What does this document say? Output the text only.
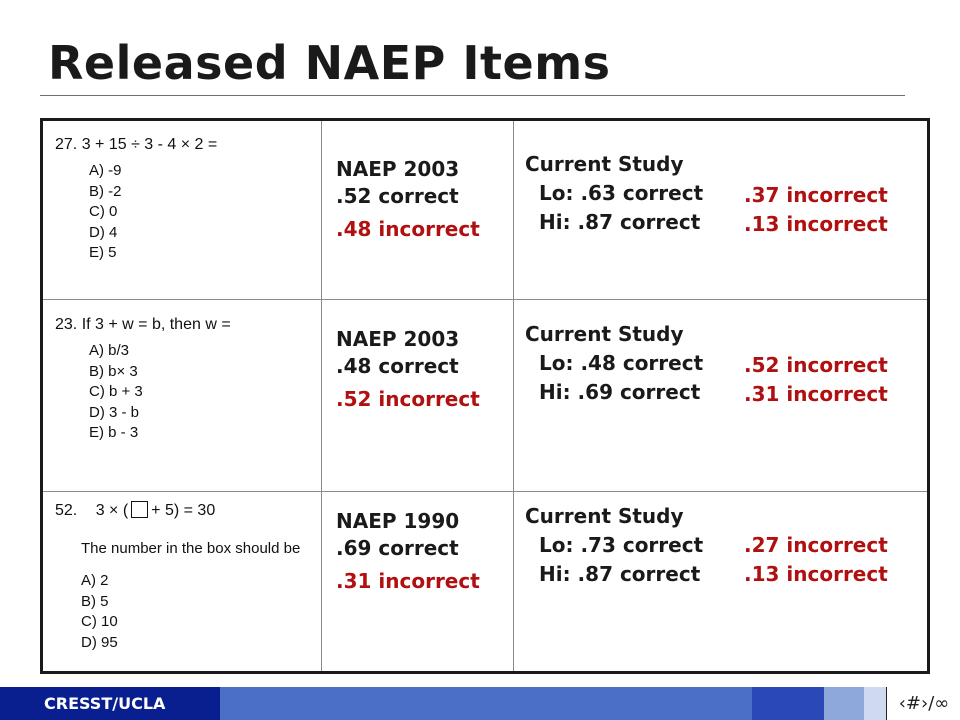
Released NAEP Items
27. 3 + 15 ÷ 3 - 4 × 2 =
A) -9
B) -2
C) 0
D) 4
E) 5
NAEP 2003
.52 correct
.48 incorrect
Current Study
Lo: .63 correct
Hi: .87 correct
.37 incorrect
.13 incorrect
23. If 3 + w = b, then w =
A) b/3
B) b× 3
C) b + 3
D) 3 - b
E) b - 3
NAEP 2003
.48 correct
.52 incorrect
Current Study
Lo: .48 correct
Hi: .69 correct
.52 incorrect
.31 incorrect
52. 3 × ( + 5) = 30
The number in the box should be
A) 2
B) 5
C) 10
D) 95
NAEP 1990
.69 correct
.31 incorrect
Current Study
Lo: .73 correct
Hi: .87 correct
.27 incorrect
.13 incorrect
CRESST/UCLA	‹#›/∞
